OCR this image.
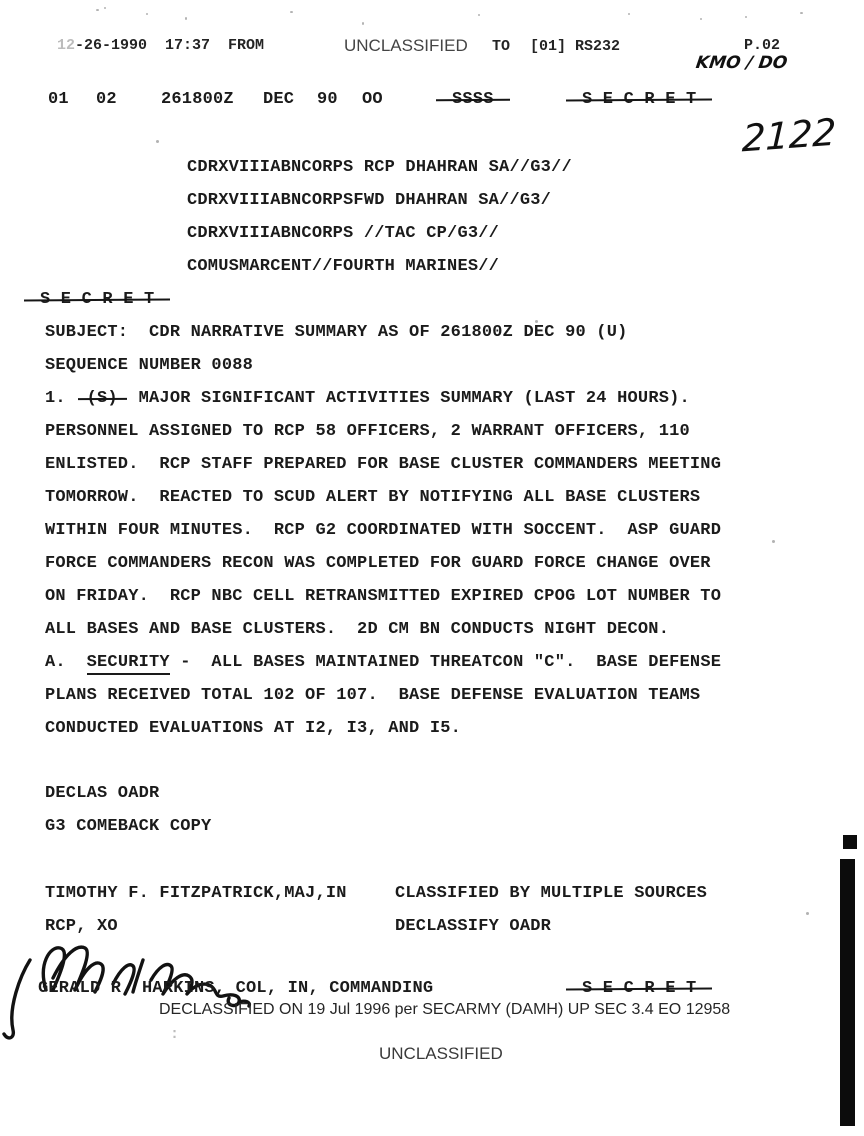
12-26-1990  17:37  FROM	UNCLASSIFIED TO [01] RS232	P.02
KMO / DO
01 02	261800Z DEC 90 OO	SSSS	S E C R E T
2122
CDRXVIIIABNCORPS RCP DHAHRAN SA//G3//
CDRXVIIIABNCORPSFWD DHAHRAN SA//G3/
CDRXVIIIABNCORPS //TAC CP/G3//
COMUSMARCENT//FOURTH MARINES//
S E C R E T
SUBJECT:  CDR NARRATIVE SUMMARY AS OF 261800Z DEC 90 (U)
SEQUENCE NUMBER 0088
1.  (S)  MAJOR SIGNIFICANT ACTIVITIES SUMMARY (LAST 24 HOURS).
PERSONNEL ASSIGNED TO RCP 58 OFFICERS, 2 WARRANT OFFICERS, 110
ENLISTED.  RCP STAFF PREPARED FOR BASE CLUSTER COMMANDERS MEETING
TOMORROW.  REACTED TO SCUD ALERT BY NOTIFYING ALL BASE CLUSTERS
WITHIN FOUR MINUTES.  RCP G2 COORDINATED WITH SOCCENT.  ASP GUARD
FORCE COMMANDERS RECON WAS COMPLETED FOR GUARD FORCE CHANGE OVER
ON FRIDAY.  RCP NBC CELL RETRANSMITTED EXPIRED CPOG LOT NUMBER TO
ALL BASES AND BASE CLUSTERS.  2D CM BN CONDUCTS NIGHT DECON.
A.  SECURITY -  ALL BASES MAINTAINED THREATCON "C".  BASE DEFENSE
PLANS RECEIVED TOTAL 102 OF 107.  BASE DEFENSE EVALUATION TEAMS
CONDUCTED EVALUATIONS AT I2, I3, AND I5.
DECLAS OADR
G3 COMEBACK COPY
TIMOTHY F. FITZPATRICK,MAJ,IN	CLASSIFIED BY MULTIPLE SOURCES
RCP, XO	DECLASSIFY OADR
GERALD R. HARKINS, COL, IN, COMMANDING	S E C R E T
DECLASSIFIED ON 19 Jul 1996 per SECARMY (DAMH) UP SEC 3.4 EO 12958
:
UNCLASSIFIED
